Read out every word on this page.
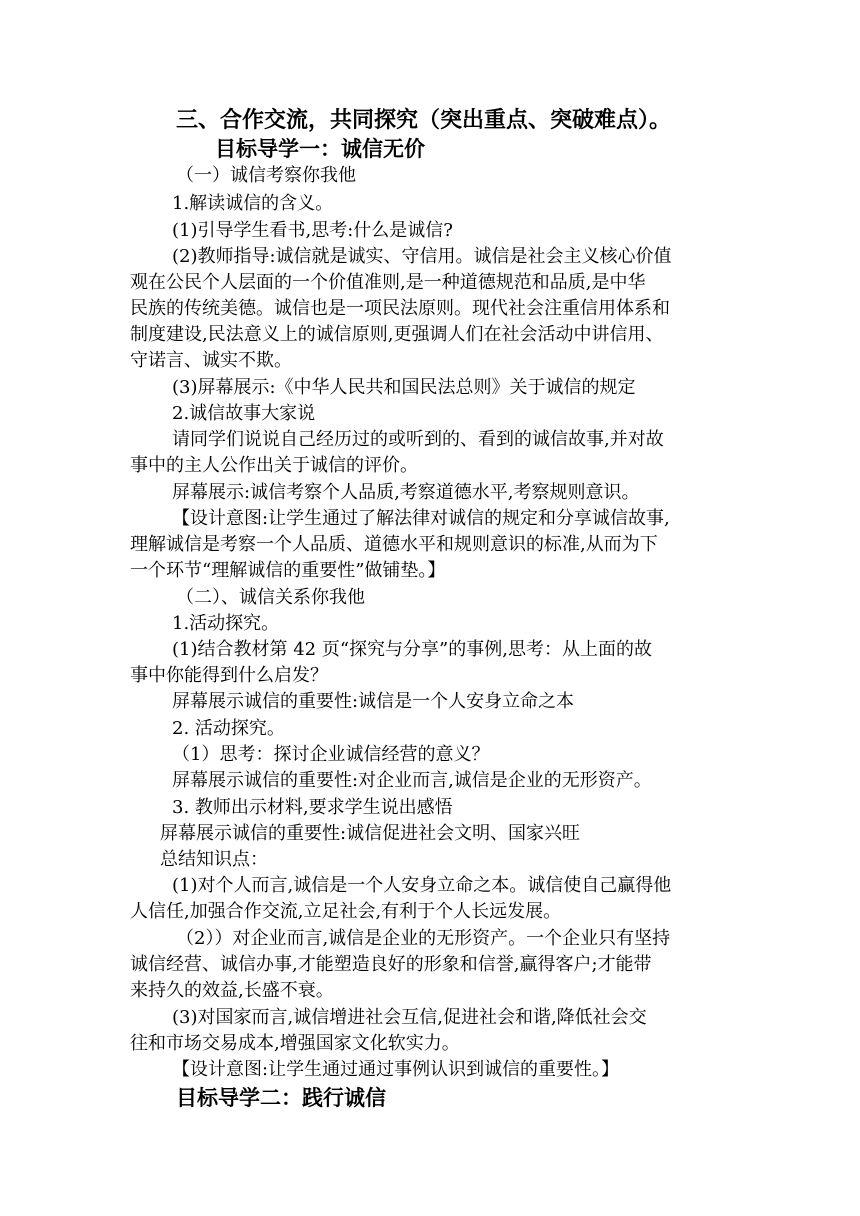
三、合作交流，共同探究（突出重点、突破难点）。
目标导学一：诚信无价
（一）诚信考察你我他
1.解读诚信的含义。
(1)引导学生看书,思考:什么是诚信?
(2)教师指导:诚信就是诚实、守信用。诚信是社会主义核心价值
观在公民个人层面的一个价值准则,是一种道德规范和品质,是中华
民族的传统美德。诚信也是一项民法原则。现代社会注重信用体系和
制度建设,民法意义上的诚信原则,更强调人们在社会活动中讲信用、
守诺言、诚实不欺。
(3)屏幕展示:《中华人民共和国民法总则》关于诚信的规定
2.诚信故事大家说
请同学们说说自己经历过的或听到的、看到的诚信故事,并对故
事中的主人公作出关于诚信的评价。
屏幕展示:诚信考察个人品质,考察道德水平,考察规则意识。
【设计意图:让学生通过了解法律对诚信的规定和分享诚信故事,
理解诚信是考察一个人品质、道德水平和规则意识的标准,从而为下
一个环节“理解诚信的重要性”做铺垫。】
（二）、诚信关系你我他
1.活动探究。
(1)结合教材第 42 页“探究与分享”的事例,思考：从上面的故
事中你能得到什么启发？
屏幕展示诚信的重要性:诚信是一个人安身立命之本
2. 活动探究。
（1）思考：探讨企业诚信经营的意义？
屏幕展示诚信的重要性:对企业而言,诚信是企业的无形资产。
3. 教师出示材料,要求学生说出感悟
屏幕展示诚信的重要性:诚信促进社会文明、国家兴旺
总结知识点：
(1)对个人而言,诚信是一个人安身立命之本。诚信使自己赢得他
人信任,加强合作交流,立足社会,有利于个人长远发展。
（2））对企业而言,诚信是企业的无形资产。一个企业只有坚持
诚信经营、诚信办事,才能塑造良好的形象和信誉,赢得客户;才能带
来持久的效益,长盛不衰。
(3)对国家而言,诚信增进社会互信,促进社会和谐,降低社会交
往和市场交易成本,增强国家文化软实力。
【设计意图:让学生通过通过事例认识到诚信的重要性。】
目标导学二：践行诚信
